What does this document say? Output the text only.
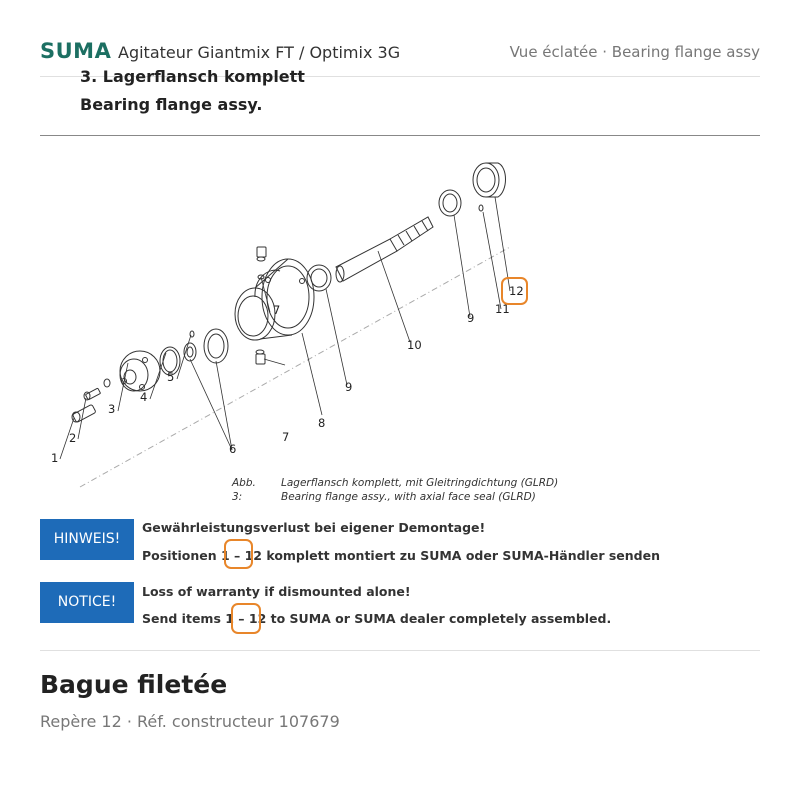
SUMA Agitateur Giantmix FT / Optimix 3G	Vue éclatée · Bearing flange assy
3. Lagerflansch komplett
Bearing flange assy.
1
2
3
4
5
6
7
7
8
9
9
10
11
12
Abb. 3:
Lagerflansch komplett, mit Gleitringdichtung (GLRD)
Bearing flange assy., with axial face seal (GLRD)
HINWEIS!
Gewährleistungsverlust bei eigener Demontage!
Positionen 1 – 12 komplett montiert zu SUMA oder SUMA-Händler senden
NOTICE!
Loss of warranty if dismounted alone!
Send items 1 – 12 to SUMA or SUMA dealer completely assembled.
Bague filetée
Repère 12 · Réf. constructeur 107679
